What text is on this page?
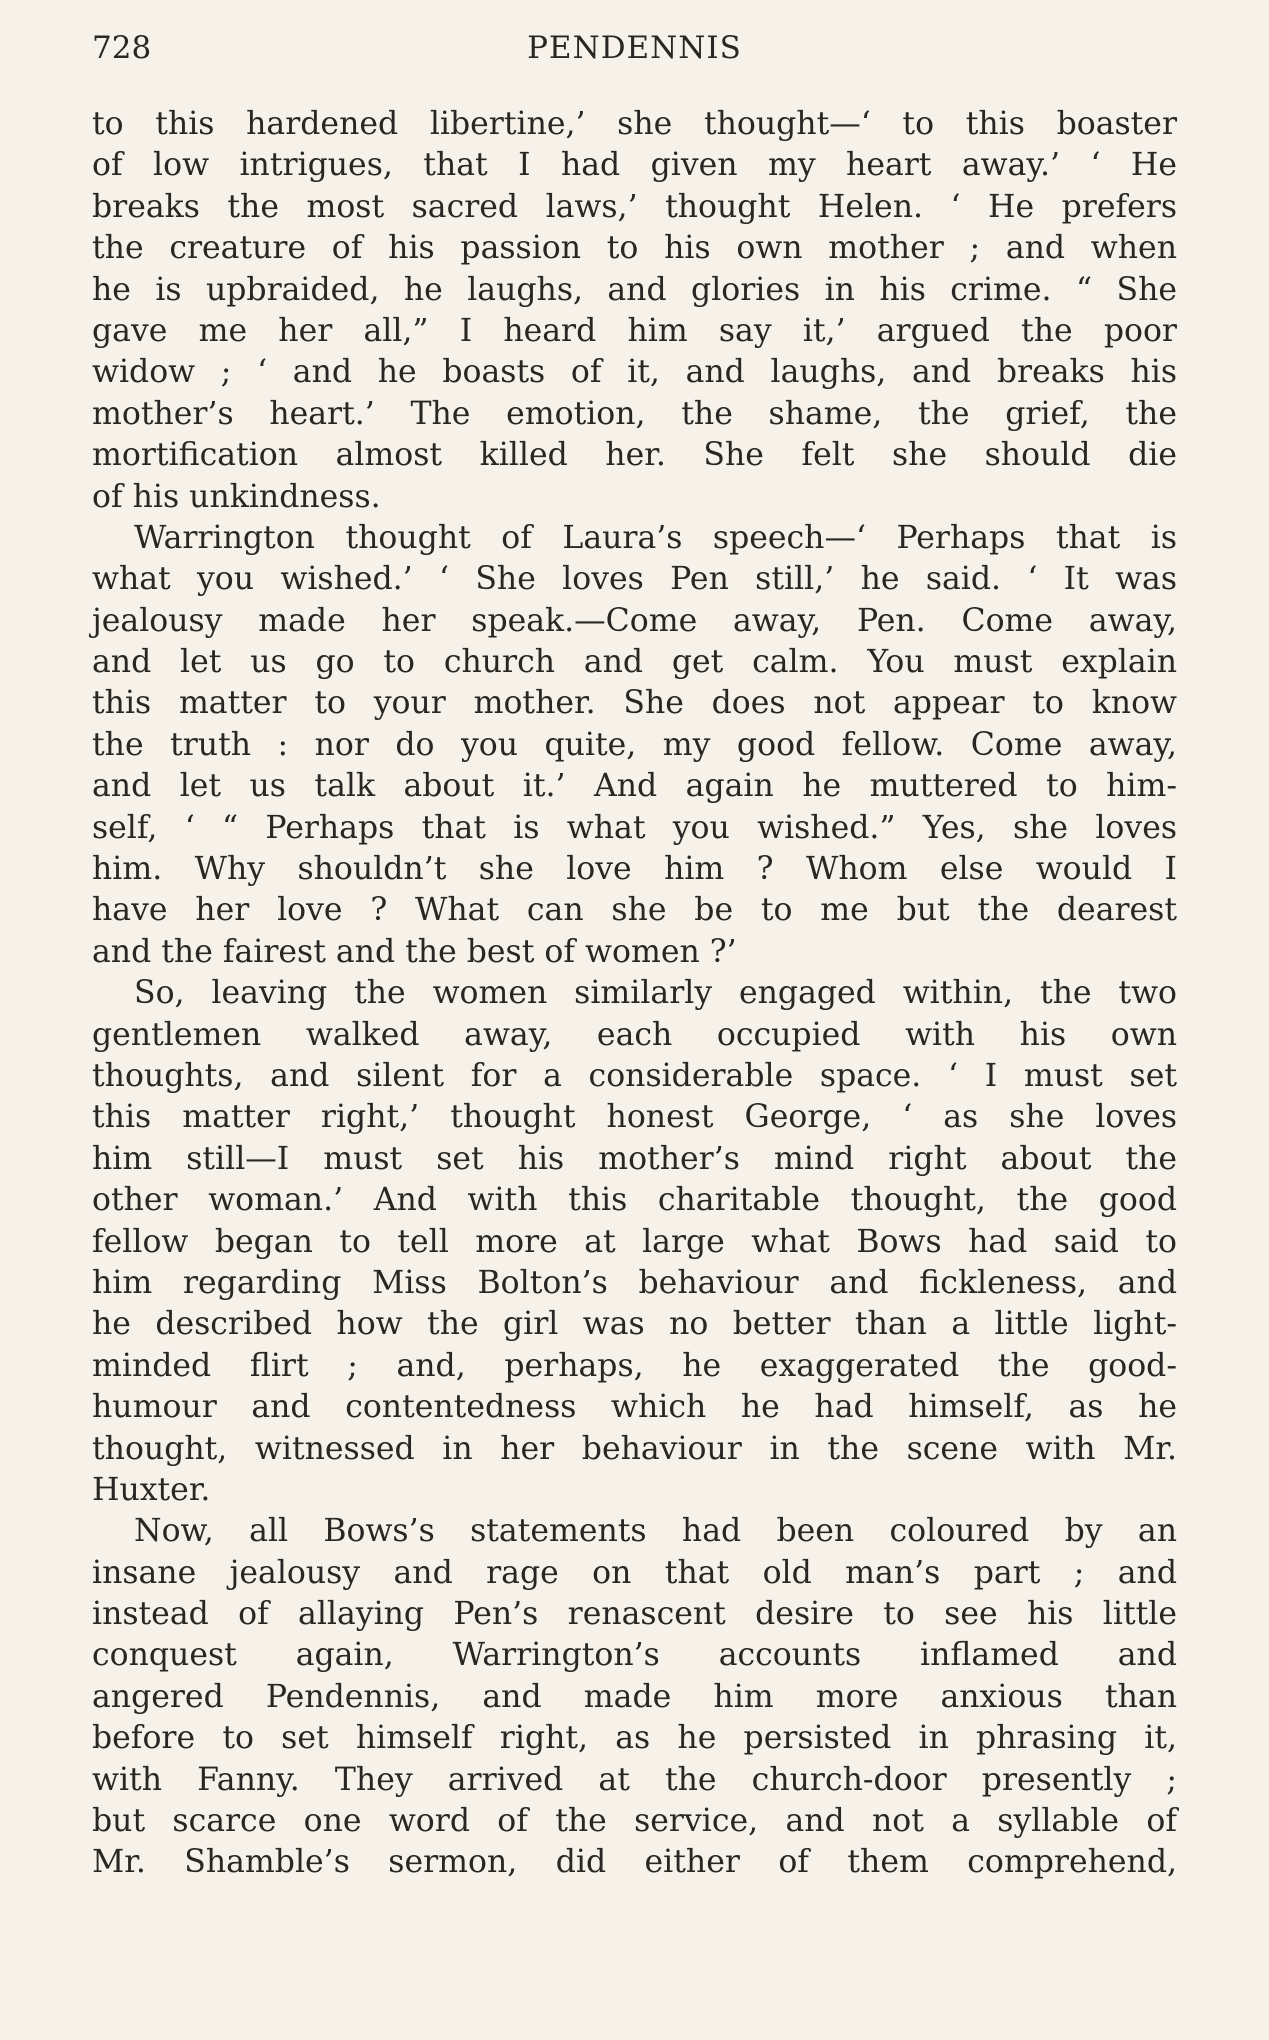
728	PENDENNIS
to this hardened libertine,’ she thought—‘ to this boaster
of low intrigues, that I had given my heart away.’ ‘ He
breaks the most sacred laws,’ thought Helen. ‘ He prefers
the creature of his passion to his own mother ; and when
he is upbraided, he laughs, and glories in his crime. “ She
gave me her all,” I heard him say it,’ argued the poor
widow ; ‘ and he boasts of it, and laughs, and breaks his
mother’s heart.’ The emotion, the shame, the grief, the
mortification almost killed her. She felt she should die
of his unkindness.
Warrington thought of Laura’s speech—‘ Perhaps that is
what you wished.’ ‘ She loves Pen still,’ he said. ‘ It was
jealousy made her speak.—Come away, Pen. Come away,
and let us go to church and get calm. You must explain
this matter to your mother. She does not appear to know
the truth : nor do you quite, my good fellow. Come away,
and let us talk about it.’ And again he muttered to him-
self, ‘ “ Perhaps that is what you wished.” Yes, she loves
him. Why shouldn’t she love him ? Whom else would I
have her love ? What can she be to me but the dearest
and the fairest and the best of women ?’
So, leaving the women similarly engaged within, the two
gentlemen walked away, each occupied with his own
thoughts, and silent for a considerable space. ‘ I must set
this matter right,’ thought honest George, ‘ as she loves
him still—I must set his mother’s mind right about the
other woman.’ And with this charitable thought, the good
fellow began to tell more at large what Bows had said to
him regarding Miss Bolton’s behaviour and fickleness, and
he described how the girl was no better than a little light-
minded flirt ; and, perhaps, he exaggerated the good-
humour and contentedness which he had himself, as he
thought, witnessed in her behaviour in the scene with Mr.
Huxter.
Now, all Bows’s statements had been coloured by an
insane jealousy and rage on that old man’s part ; and
instead of allaying Pen’s renascent desire to see his little
conquest again, Warrington’s accounts inflamed and
angered Pendennis, and made him more anxious than
before to set himself right, as he persisted in phrasing it,
with Fanny. They arrived at the church-door presently ;
but scarce one word of the service, and not a syllable of
Mr. Shamble’s sermon, did either of them comprehend,
